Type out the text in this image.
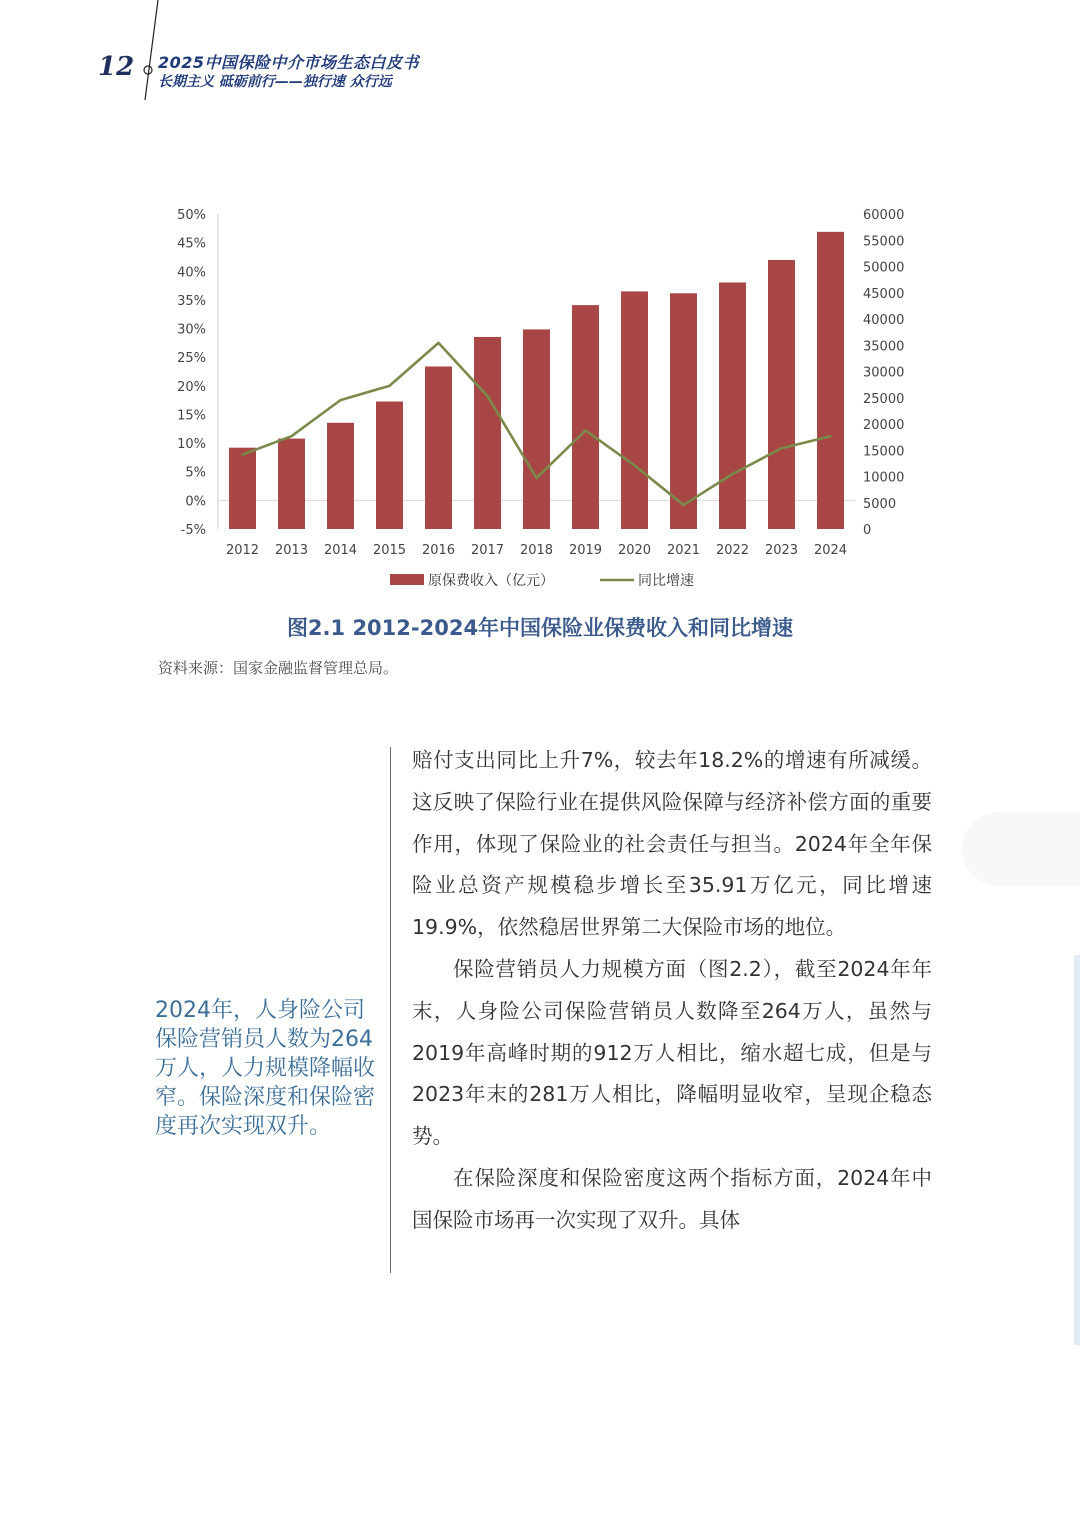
12 2025中国保险中介市场生态白皮书
长期主义 砥砺前行——独行速 众行远
50%
45%
40%
35%
30%
25%
20%
15%
10%
5%
0%
-5%
60000
55000
50000
45000
40000
35000
30000
25000
20000
15000
10000
5000
0
2012 2013 2014 2015 2016 2017 2018 2019 2020 2021 2022 2023 2024
原保费收入（亿元）	同比增速
图2.1 2012-2024年中国保险业保费收入和同比增速
资料来源：国家金融监督管理总局。
2024年，人身险公司保险营销员人数为264万人，人力规模降幅收窄。保险深度和保险密度再次实现双升。

赔付支出同比上升7%，较去年18.2%的增速有所减缓。这反映了保险行业在提供风险保障与经济补偿方面的重要作用，体现了保险业的社会责任与担当。2024年全年保险业总资产规模稳步增长至35.91万亿元，同比增速19.9%，依然稳居世界第二大保险市场的地位。

保险营销员人力规模方面（图2.2），截至2024年年末，人身险公司保险营销员人数降至264万人，虽然与2019年高峰时期的912万人相比，缩水超七成，但是与2023年末的281万人相比，降幅明显收窄，呈现企稳态势。

在保险深度和保险密度这两个指标方面，2024年中国保险市场再一次实现了双升。具体
